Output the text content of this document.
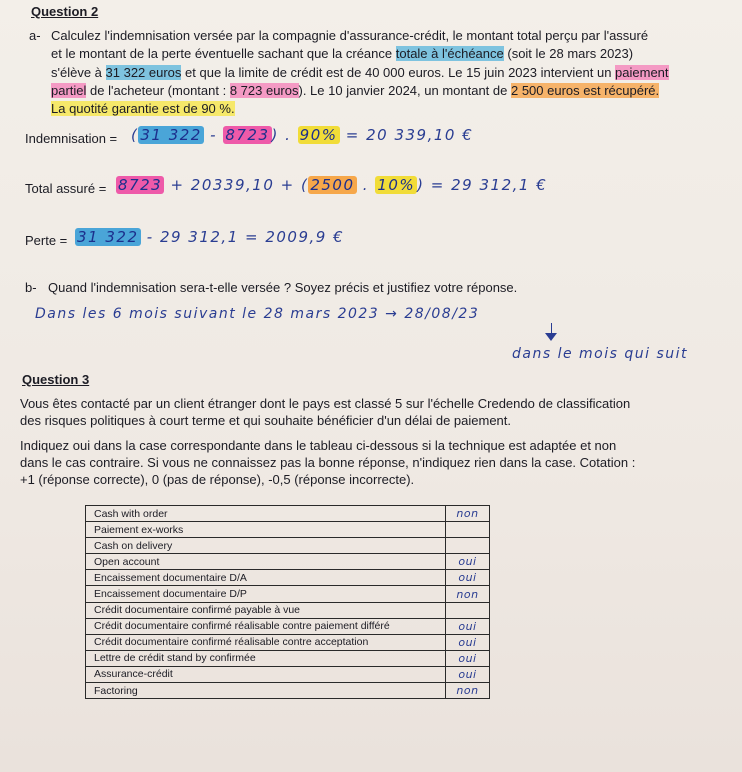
Question 2
a- Calculez l'indemnisation versée par la compagnie d'assurance-crédit, le montant total perçu par l'assuré
et le montant de la perte éventuelle sachant que la créance totale à l'échéance (soit le 28 mars 2023)
s'élève à 31 322 euros et que la limite de crédit est de 40 000 euros. Le 15 juin 2023 intervient un paiement
partiel de l'acheteur (montant : 8 723 euros). Le 10 janvier 2024, un montant de 2 500 euros est récupéré.
La quotité garantie est de 90 %.
Indemnisation = ( 31 322 - 8723 ) . 90% = 20 339,10 €
Total assuré = 8723 + 20339,10 + ( 2500 . 10% ) = 29 312,1 €
Perte = 31 322 - 29 312,1 = 2009,9 €
b- Quand l'indemnisation sera-t-elle versée ? Soyez précis et justifiez votre réponse.
Dans les 6 mois suivant le 28 mars 2023 → 28/08/23
dans le mois qui suit
Question 3
Vous êtes contacté par un client étranger dont le pays est classé 5 sur l'échelle Credendo de classification
des risques politiques à court terme et qui souhaite bénéficier d'un délai de paiement.
Indiquez oui dans la case correspondante dans le tableau ci-dessous si la technique est adaptée et non
dans le cas contraire. Si vous ne connaissez pas la bonne réponse, n'indiquez rien dans la case. Cotation :
+1 (réponse correcte), 0 (pas de réponse), -0,5 (réponse incorrecte).
Cash with order	non
Paiement ex-works	
Cash on delivery	
Open account	oui
Encaissement documentaire D/A	oui
Encaissement documentaire D/P	non
Crédit documentaire confirmé payable à vue	
Crédit documentaire confirmé réalisable contre paiement différé	oui
Crédit documentaire confirmé réalisable contre acceptation	oui
Lettre de crédit stand by confirmée	oui
Assurance-crédit	oui
Factoring	non
